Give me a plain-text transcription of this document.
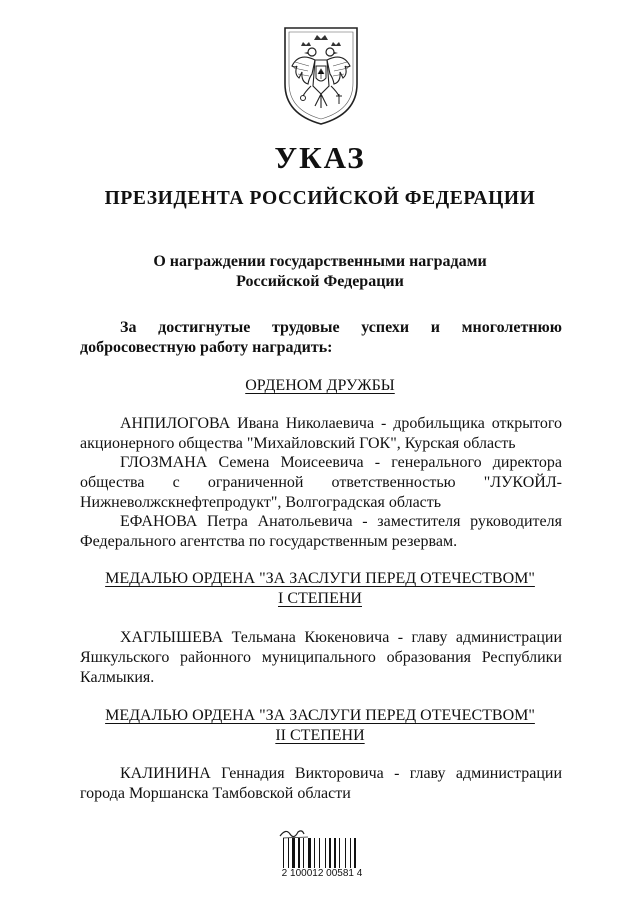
УКАЗ
ПРЕЗИДЕНТА РОССИЙСКОЙ ФЕДЕРАЦИИ
О награждении государственными наградами
Российской Федерации
За достигнутые трудовые успехи и многолетнюю
добросовестную работу наградить:
ОРДЕНОМ ДРУЖБЫ
АНПИЛОГОВА Ивана Николаевича - дробильщика открытого
акционерного общества "Михайловский ГОК", Курская область
ГЛОЗМАНА Семена Моисеевича - генерального директора
общества с ограниченной ответственностью "ЛУКОЙЛ-
Нижневолжскнефтепродукт", Волгоградская область
ЕФАНОВА Петра Анатольевича - заместителя руководителя
Федерального агентства по государственным резервам.
МЕДАЛЬЮ ОРДЕНА "ЗА ЗАСЛУГИ ПЕРЕД ОТЕЧЕСТВОМ"
I СТЕПЕНИ
ХАГЛЫШЕВА Тельмана Кюкеновича - главу администрации
Яшкульского районного муниципального образования Республики
Калмыкия.
МЕДАЛЬЮ ОРДЕНА "ЗА ЗАСЛУГИ ПЕРЕД ОТЕЧЕСТВОМ"
II СТЕПЕНИ
КАЛИНИНА Геннадия Викторовича - главу администрации
города Моршанска Тамбовской области
2 100012 00581 4
